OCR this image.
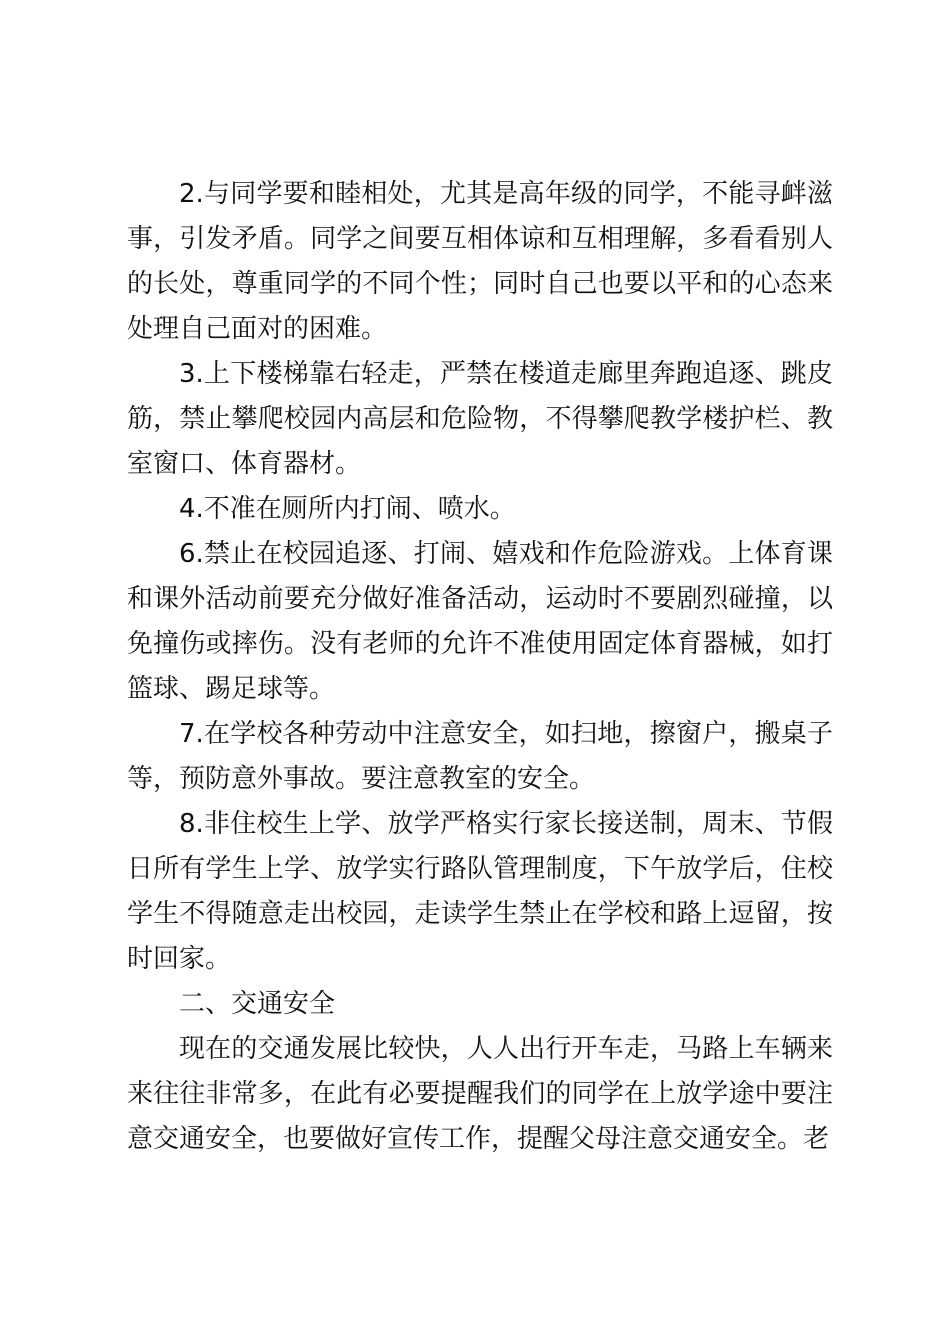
2.与同学要和睦相处，尤其是高年级的同学，不能寻衅滋事，引发矛盾。同学之间要互相体谅和互相理解，多看看别人的长处，尊重同学的不同个性；同时自己也要以平和的心态来处理自己面对的困难。

3.上下楼梯靠右轻走，严禁在楼道走廊里奔跑追逐、跳皮筋，禁止攀爬校园内高层和危险物，不得攀爬教学楼护栏、教室窗口、体育器材。

4.不准在厕所内打闹、喷水。

6.禁止在校园追逐、打闹、嬉戏和作危险游戏。上体育课和课外活动前要充分做好准备活动，运动时不要剧烈碰撞，以免撞伤或摔伤。没有老师的允许不准使用固定体育器械，如打篮球、踢足球等。

7.在学校各种劳动中注意安全，如扫地，擦窗户，搬桌子等，预防意外事故。要注意教室的安全。

8.非住校生上学、放学严格实行家长接送制，周末、节假日所有学生上学、放学实行路队管理制度，下午放学后，住校学生不得随意走出校园，走读学生禁止在学校和路上逗留，按时回家。

二、交通安全

现在的交通发展比较快，人人出行开车走，马路上车辆来来往往非常多，在此有必要提醒我们的同学在上放学途中要注意交通安全，也要做好宣传工作，提醒父母注意交通安全。老
